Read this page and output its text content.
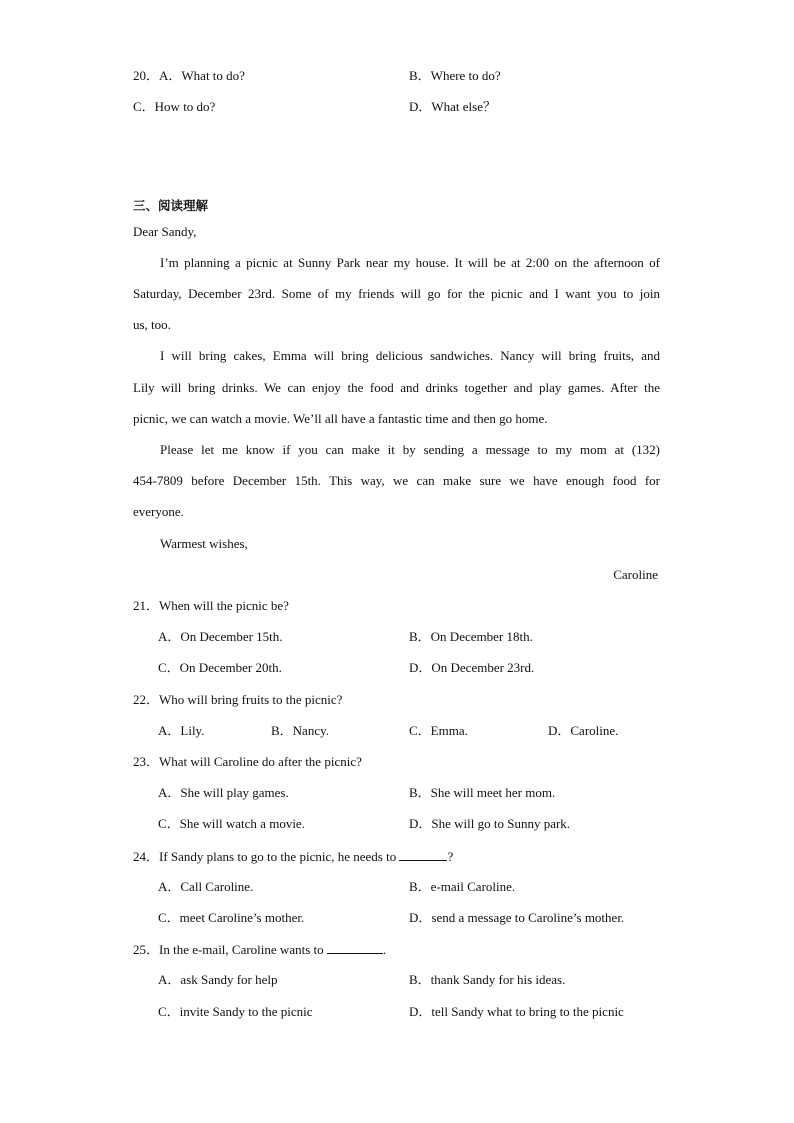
20．A．What to do?	B．Where to do?
C．How to do?	D．What else？
三、阅读理解
Dear Sandy,
I’m planning a picnic at Sunny Park near my house. It will be at 2:00 on the afternoon of
Saturday, December 23rd. Some of my friends will go for the picnic and I want you to join
us, too.
I will bring cakes, Emma will bring delicious sandwiches. Nancy will bring fruits, and
Lily will bring drinks. We can enjoy the food and drinks together and play games. After the
picnic, we can watch a movie. We’ll all have a fantastic time and then go home.
Please let me know if you can make it by sending a message to my mom at (132)
454-7809 before December 15th. This way, we can make sure we have enough food for
everyone.
Warmest wishes,
Caroline
21．When will the picnic be?
A．On December 15th.	B．On December 18th.
C．On December 20th.	D．On December 23rd.
22．Who will bring fruits to the picnic?
A．Lily.	B．Nancy.	C．Emma.	D．Caroline.
23．What will Caroline do after the picnic?
A．She will play games.	B．She will meet her mom.
C．She will watch a movie.	D．She will go to Sunny park.
24．If Sandy plans to go to the picnic, he needs to	?
A．Call Caroline.	B．e-mail Caroline.
C．meet Caroline’s mother.	D．send a message to Caroline’s mother.
25．In the e-mail, Caroline wants to	.
A．ask Sandy for help	B．thank Sandy for his ideas.
C．invite Sandy to the picnic	D．tell Sandy what to bring to the picnic
